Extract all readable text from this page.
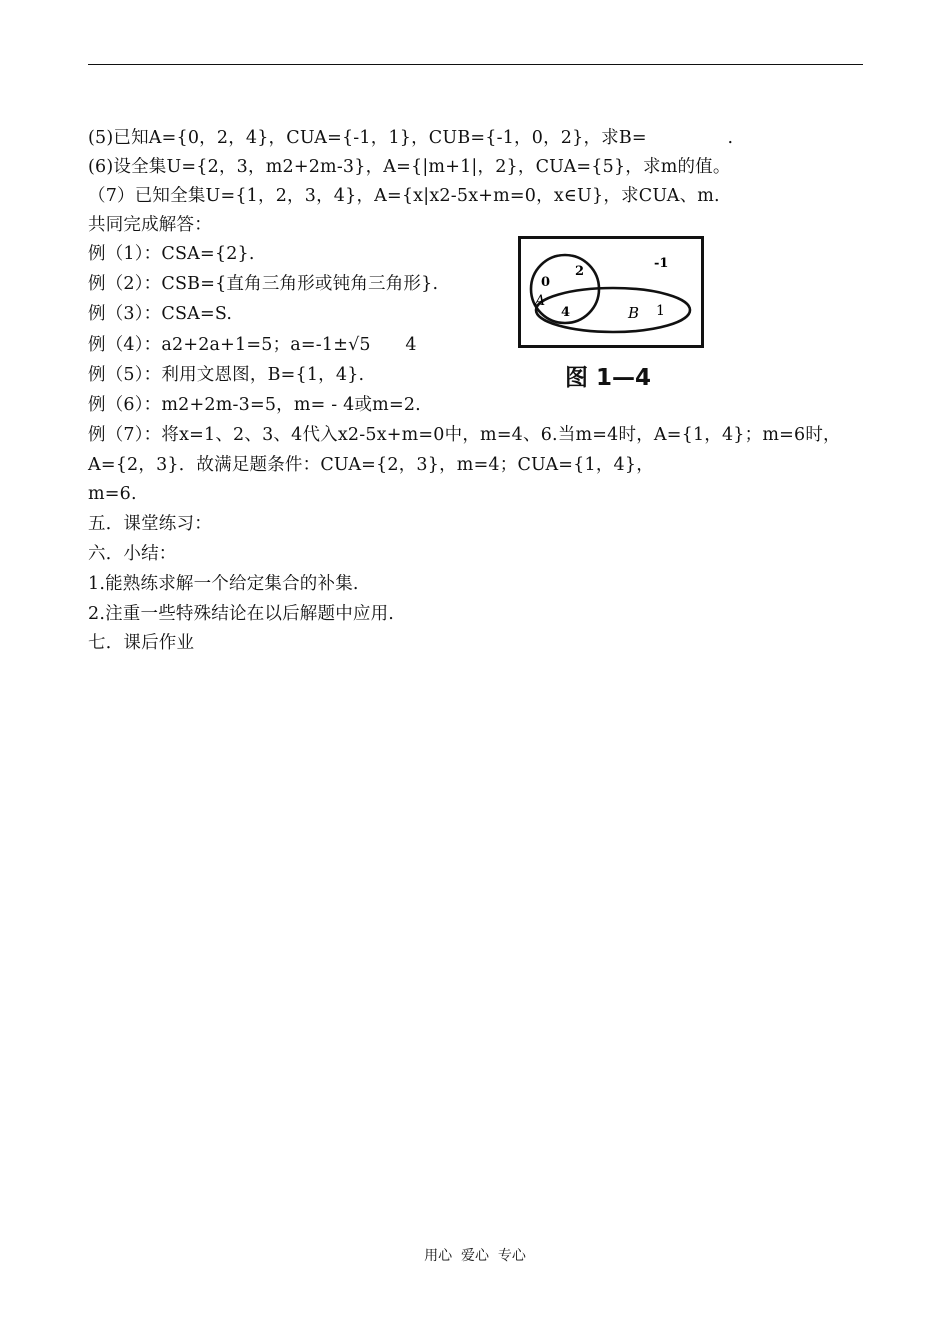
(5)已知A={0，2，4}，CUA={-1，1}，CUB={-1，0，2}，求B=              .
(6)设全集U={2，3，m2+2m-3}，A={|m+1|，2}，CUA={5}，求m的值。
（7）已知全集U={1，2，3，4}，A={x|x2-5x+m=0，x∈U}，求CUA、m.
共同完成解答：
例（1）：CSA={2}.
例（2）：CSB={直角三角形或钝角三角形}.
例（3）：CSA=S.
例（4）：a2+2a+1=5；a=-1±√5      4
例（5）：利用文恩图，B={1，4}.
例（6）：m2+2m-3=5，m= - 4或m=2.
例（7）：将x=1、2、3、4代入x2-5x+m=0中，m=4、6.当m=4时，A={1，4}；m=6时，
A={2，3}．故满足题条件：CUA={2，3}，m=4；CUA={1，4}，
m=6.
五．课堂练习：
六．小结：
1.能熟练求解一个给定集合的补集.
2.注重一些特殊结论在以后解题中应用.
七．课后作业
0
2
-1
A
4	B 1
图 1—4
用心  爱心  专心
